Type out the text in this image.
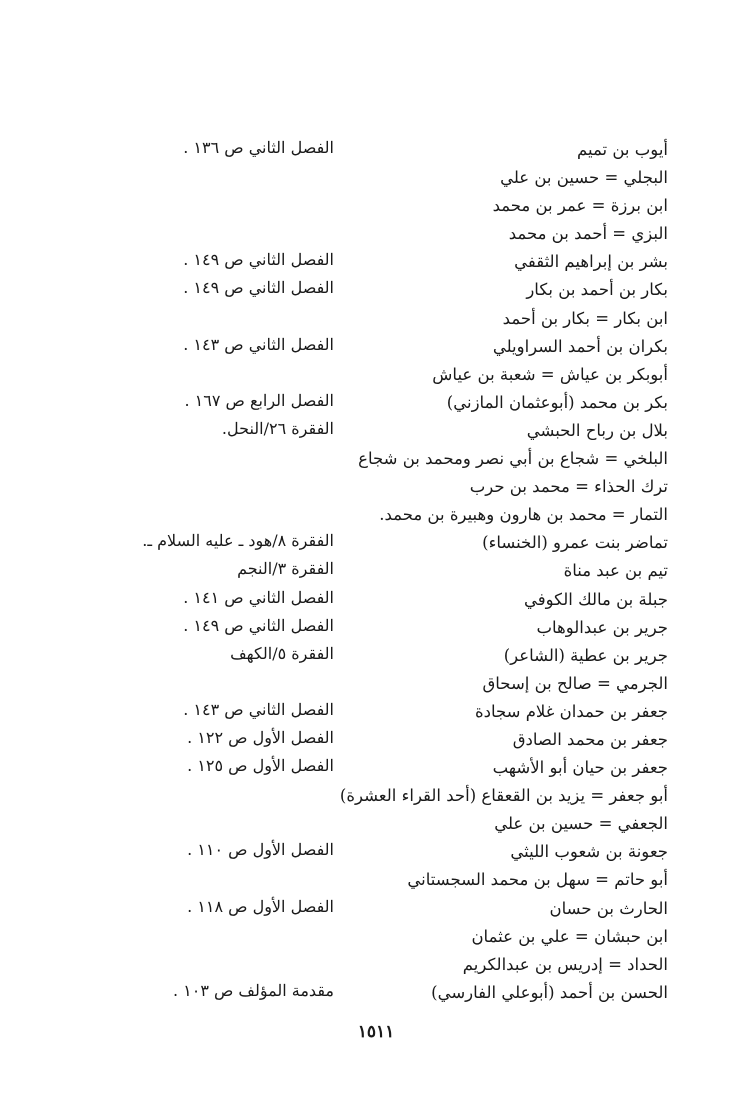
أيوب بن تميم
الفصل الثاني ص ١٣٦ .
البجلي = حسين بن علي
ابن برزة = عمر بن محمد
البزي = أحمد بن محمد
بشر بن إبراهيم الثقفي
الفصل الثاني ص ١٤٩ .
بكار بن أحمد بن بكار
الفصل الثاني ص ١٤٩ .
ابن بكار = بكار بن أحمد
بكران بن أحمد السراويلي
الفصل الثاني ص ١٤٣ .
أبوبكر بن عياش = شعبة بن عياش
بكر بن محمد (أبوعثمان المازني)
الفصل الرابع ص ١٦٧ .
بلال بن رباح الحبشي
الفقرة ٢٦/النحل.
البلخي = شجاع بن أبي نصر ومحمد بن شجاع
ترك الحذاء = محمد بن حرب
التمار = محمد بن هارون وهبيرة بن محمد.
تماضر بنت عمرو (الخنساء)
الفقرة ٨/هود ـ عليه السلام ـ.
تيم بن عبد مناة
الفقرة ٣/النجم
جبلة بن مالك الكوفي
الفصل الثاني ص ١٤١ .
جرير بن عبدالوهاب
الفصل الثاني ص ١٤٩ .
جرير بن عطية (الشاعر)
الفقرة ٥/الكهف
الجرمي = صالح بن إسحاق
جعفر بن حمدان غلام سجادة
الفصل الثاني ص ١٤٣ .
جعفر بن محمد الصادق
الفصل الأول ص ١٢٢ .
جعفر بن حيان أبو الأشهب
الفصل الأول ص ١٢٥ .
أبو جعفر = يزيد بن القعقاع (أحد القراء العشرة)
الجعفي = حسين بن علي
جعونة بن شعوب الليثي
الفصل الأول ص ١١٠ .
أبو حاتم = سهل بن محمد السجستاني
الحارث بن حسان
الفصل الأول ص ١١٨ .
ابن حبشان = علي بن عثمان
الحداد = إدريس بن عبدالكريم
الحسن بن أحمد (أبوعلي الفارسي)
مقدمة المؤلف ص ١٠٣ .
١٥١١
